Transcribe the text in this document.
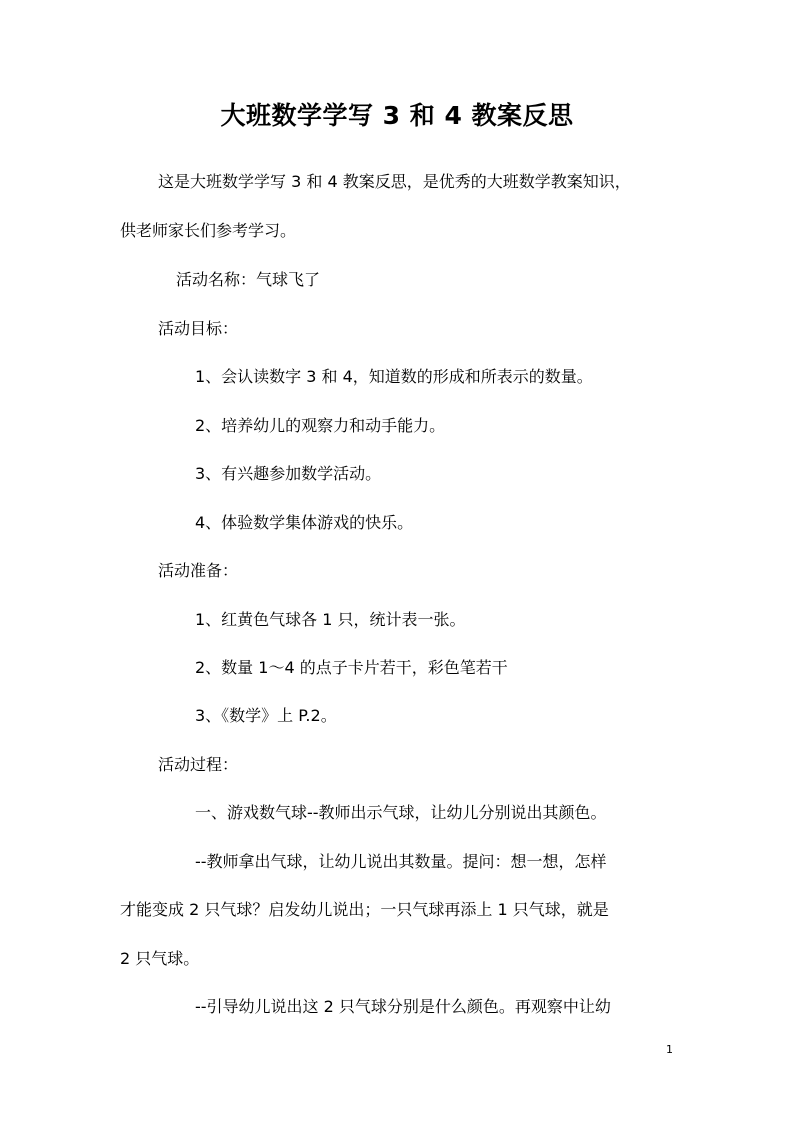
大班数学学写 3 和 4 教案反思
这是大班数学学写 3 和 4 教案反思，是优秀的大班数学教案知识，
供老师家长们参考学习。
活动名称：气球飞了
活动目标：
1、会认读数字 3 和 4，知道数的形成和所表示的数量。
2、培养幼儿的观察力和动手能力。
3、有兴趣参加数学活动。
4、体验数学集体游戏的快乐。
活动准备：
1、红黄色气球各 1 只，统计表一张。
2、数量 1～4 的点子卡片若干，彩色笔若干
3、《数学》上 P.2。
活动过程：
一、游戏数气球--教师出示气球，让幼儿分别说出其颜色。
--教师拿出气球，让幼儿说出其数量。提问：想一想，怎样
才能变成 2 只气球？启发幼儿说出；一只气球再添上 1 只气球，就是
2 只气球。
--引导幼儿说出这 2 只气球分别是什么颜色。再观察中让幼
1
